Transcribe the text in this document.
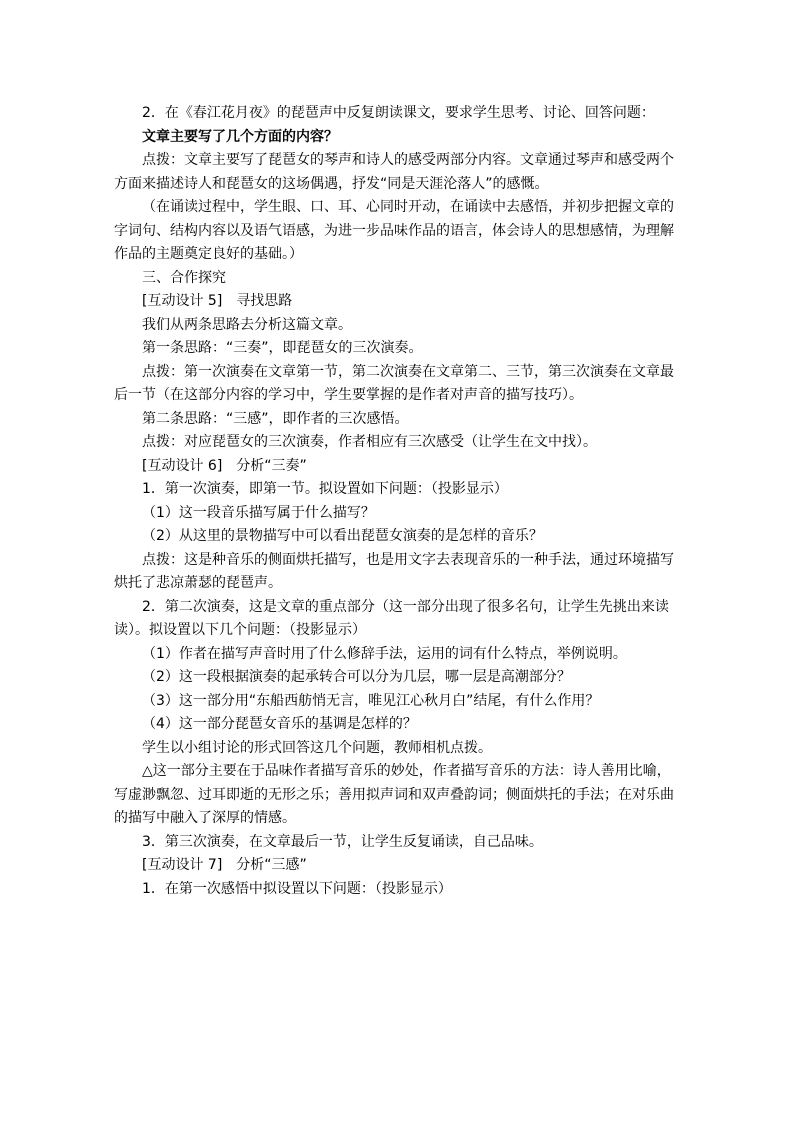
2．在《春江花月夜》的琵琶声中反复朗读课文，要求学生思考、讨论、回答问题：

文章主要写了几个方面的内容？

点拨：文章主要写了琵琶女的琴声和诗人的感受两部分内容。文章通过琴声和感受两个方面来描述诗人和琵琶女的这场偶遇，抒发“同是天涯沦落人”的感慨。

（在诵读过程中，学生眼、口、耳、心同时开动，在诵读中去感悟，并初步把握文章的字词句、结构内容以及语气语感，为进一步品味作品的语言，体会诗人的思想感情，为理解作品的主题奠定良好的基础。）

三、合作探究

[互动设计 5]　寻找思路

我们从两条思路去分析这篇文章。

第一条思路：“三奏”，即琵琶女的三次演奏。

点拨：第一次演奏在文章第一节，第二次演奏在文章第二、三节，第三次演奏在文章最后一节（在这部分内容的学习中，学生要掌握的是作者对声音的描写技巧）。

第二条思路：“三感”，即作者的三次感悟。

点拨：对应琵琶女的三次演奏，作者相应有三次感受（让学生在文中找）。

[互动设计 6]　分析“三奏”

1．第一次演奏，即第一节。拟设置如下问题：（投影显示）

（1）这一段音乐描写属于什么描写？

（2）从这里的景物描写中可以看出琵琶女演奏的是怎样的音乐？

点拨：这是种音乐的侧面烘托描写，也是用文字去表现音乐的一种手法，通过环境描写烘托了悲凉萧瑟的琵琶声。

2．第二次演奏，这是文章的重点部分（这一部分出现了很多名句，让学生先挑出来读读）。拟设置以下几个问题：（投影显示）

（1）作者在描写声音时用了什么修辞手法，运用的词有什么特点，举例说明。

（2）这一段根据演奏的起承转合可以分为几层，哪一层是高潮部分？

（3）这一部分用“东船西舫悄无言，唯见江心秋月白”结尾，有什么作用？

（4）这一部分琵琶女音乐的基调是怎样的？

学生以小组讨论的形式回答这几个问题，教师相机点拨。

△这一部分主要在于品味作者描写音乐的妙处，作者描写音乐的方法：诗人善用比喻，写虚渺飘忽、过耳即逝的无形之乐；善用拟声词和双声叠韵词；侧面烘托的手法；在对乐曲的描写中融入了深厚的情感。

3．第三次演奏，在文章最后一节，让学生反复诵读，自己品味。

[互动设计 7]　分析“三感”

1．在第一次感悟中拟设置以下问题：（投影显示）
